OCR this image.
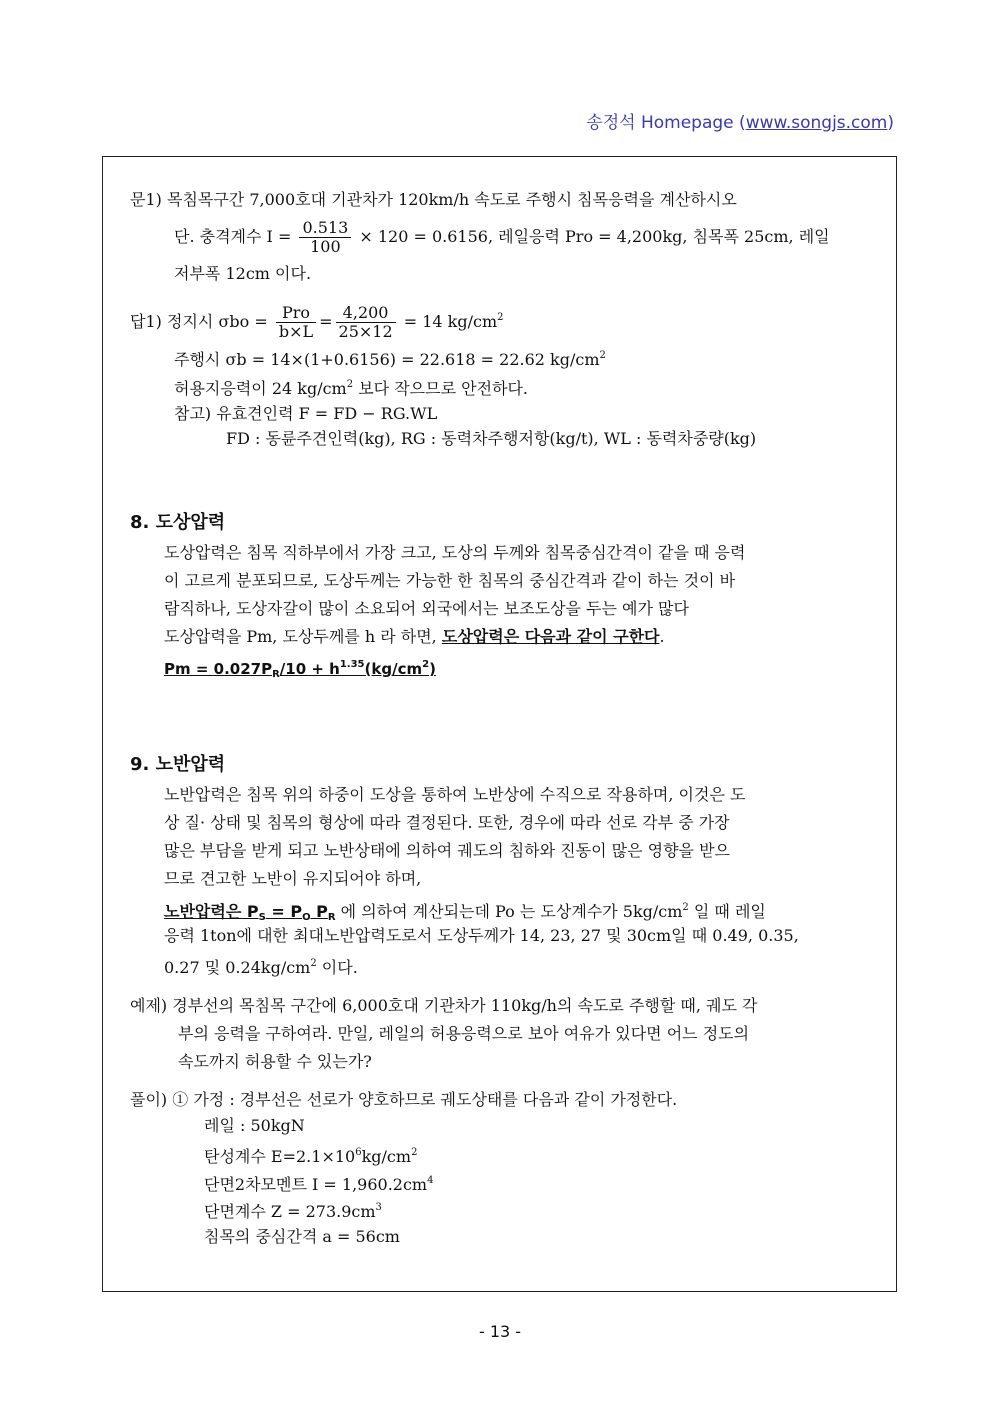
송정석 Homepage (www.songjs.com)
문1) 목침목구간 7,000호대 기관차가 120km/h 속도로 주행시 침목응력을 계산하시오
단. 충격계수 $I = \frac{0.513}{100} \times 120 = 0.6156$, 레일응력 Pro = 4,200kg, 침목폭 25cm, 레일
저부폭 12cm 이다.
답1) 정지시 $\sigma bo = \frac{\text{Pro}}{b\times L} = \frac{4,200}{25\times 12} = 14$ $kg/cm^2$
주행시 σb = 14×(1+0.6156) = 22.618 = 22.62 $kg/cm^2$
허용지응력이 24 $kg/cm^2$ 보다 작으므로 안전하다.
참고) 유효견인력 F = FD − RG.WL
FD : 동륜주견인력(kg), RG : 동력차주행저항(kg/t), WL : 동력차중량(kg)
8. 도상압력
도상압력은 침목 직하부에서 가장 크고, 도상의 두께와 침목중심간격이 같을 때 응력
이 고르게 분포되므로, 도상두께는 가능한 한 침목의 중심간격과 같이 하는 것이 바
람직하나, 도상자갈이 많이 소요되어 외국에서는 보조도상을 두는 예가 많다
도상압력을 Pm, 도상두께를 h 라 하면, 도상압력은 다음과 같이 구한다.
$Pm = 0.027P_R/10 + h^{1.35}(kg/cm^2)$
9. 노반압력
노반압력은 침목 위의 하중이 도상을 통하여 노반상에 수직으로 작용하며, 이것은 도
상 질· 상태 및 침목의 형상에 따라 결정된다. 또한, 경우에 따라 선로 각부 중 가장
많은 부담을 받게 되고 노반상태에 의하여 궤도의 침하와 진동이 많은 영향을 받으
므로 견고한 노반이 유지되어야 하며,
노반압력은 $P_S = P_O$ $P_R$ 에 의하여 계산되는데 Po 는 도상계수가 $5kg/cm^2$ 일 때 레일
응력 1ton에 대한 최대노반압력도로서 도상두께가 14, 23, 27 및 30cm일 때 0.49, 0.35,
0.27 및 $0.24kg/cm^2$ 이다.
예제) 경부선의 목침목 구간에 6,000호대 기관차가 110kg/h의 속도로 주행할 때, 궤도 각
부의 응력을 구하여라. 만일, 레일의 허용응력으로 보아 여유가 있다면 어느 정도의
속도까지 허용할 수 있는가?
풀이) ① 가정 : 경부선은 선로가 양호하므로 궤도상태를 다음과 같이 가정한다.
레일 : 50kgN
탄성계수 $E=2.1\times 10^6kg/cm^2$
단면2차모멘트 $I = 1,960.2cm^4$
단면계수 $Z = 273.9cm^3$
침목의 중심간격 a = 56cm
- 13 -
